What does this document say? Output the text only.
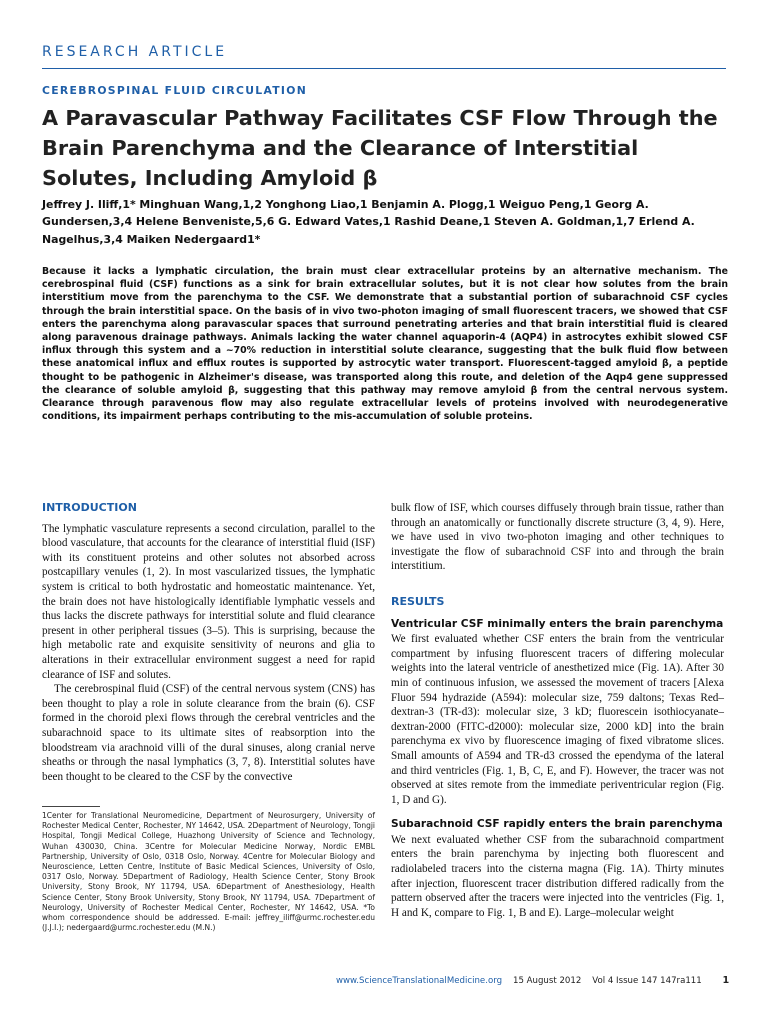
RESEARCH ARTICLE
CEREBROSPINAL FLUID CIRCULATION
A Paravascular Pathway Facilitates CSF Flow Through the Brain Parenchyma and the Clearance of Interstitial Solutes, Including Amyloid β

Jeffrey J. Iliff,1* Minghuan Wang,1,2 Yonghong Liao,1 Benjamin A. Plogg,1 Weiguo Peng,1 Georg A. Gundersen,3,4 Helene Benveniste,5,6 G. Edward Vates,1 Rashid Deane,1 Steven A. Goldman,1,7 Erlend A. Nagelhus,3,4 Maiken Nedergaard1*

Because it lacks a lymphatic circulation, the brain must clear extracellular proteins by an alternative mechanism. The cerebrospinal fluid (CSF) functions as a sink for brain extracellular solutes, but it is not clear how solutes from the brain interstitium move from the parenchyma to the CSF. We demonstrate that a substantial portion of subarachnoid CSF cycles through the brain interstitial space. On the basis of in vivo two-photon imaging of small fluorescent tracers, we showed that CSF enters the parenchyma along paravascular spaces that surround penetrating arteries and that brain interstitial fluid is cleared along paravenous drainage pathways. Animals lacking the water channel aquaporin-4 (AQP4) in astrocytes exhibit slowed CSF influx through this system and a ~70% reduction in interstitial solute clearance, suggesting that the bulk fluid flow between these anatomical influx and efflux routes is supported by astrocytic water transport. Fluorescent-tagged amyloid β, a peptide thought to be pathogenic in Alzheimer's disease, was transported along this route, and deletion of the Aqp4 gene suppressed the clearance of soluble amyloid β, suggesting that this pathway may remove amyloid β from the central nervous system. Clearance through paravenous flow may also regulate extracellular levels of proteins involved with neurodegenerative conditions, its impairment perhaps contributing to the mis-accumulation of soluble proteins.

INTRODUCTION

The lymphatic vasculature represents a second circulation, parallel to the blood vasculature, that accounts for the clearance of interstitial fluid (ISF) with its constituent proteins and other solutes not absorbed across postcapillary venules (1, 2). In most vascularized tissues, the lymphatic system is critical to both hydrostatic and homeostatic maintenance. Yet, the brain does not have histologically identifiable lymphatic vessels and thus lacks the discrete pathways for interstitial solute and fluid clearance present in other peripheral tissues (3–5). This is surprising, because the high metabolic rate and exquisite sensitivity of neurons and glia to alterations in their extracellular environment suggest a need for rapid clearance of ISF and solutes.

The cerebrospinal fluid (CSF) of the central nervous system (CNS) has been thought to play a role in solute clearance from the brain (6). CSF formed in the choroid plexi flows through the cerebral ventricles and the subarachnoid space to its ultimate sites of reabsorption into the bloodstream via arachnoid villi of the dural sinuses, along cranial nerve sheaths or through the nasal lymphatics (3, 7, 8). Interstitial solutes have been thought to be cleared to the CSF by the convective

1Center for Translational Neuromedicine, Department of Neurosurgery, University of Rochester Medical Center, Rochester, NY 14642, USA. 2Department of Neurology, Tongji Hospital, Tongji Medical College, Huazhong University of Science and Technology, Wuhan 430030, China. 3Centre for Molecular Medicine Norway, Nordic EMBL Partnership, University of Oslo, 0318 Oslo, Norway. 4Centre for Molecular Biology and Neuroscience, Letten Centre, Institute of Basic Medical Sciences, University of Oslo, 0317 Oslo, Norway. 5Department of Radiology, Health Science Center, Stony Brook University, Stony Brook, NY 11794, USA. 6Department of Anesthesiology, Health Science Center, Stony Brook University, Stony Brook, NY 11794, USA. 7Department of Neurology, University of Rochester Medical Center, Rochester, NY 14642, USA. *To whom correspondence should be addressed. E-mail: jeffrey_iliff@urmc.rochester.edu (J.J.I.); nedergaard@urmc.rochester.edu (M.N.)

bulk flow of ISF, which courses diffusely through brain tissue, rather than through an anatomically or functionally discrete structure (3, 4, 9). Here, we have used in vivo two-photon imaging and other techniques to investigate the flow of subarachnoid CSF into and through the brain interstitium.

RESULTS
Ventricular CSF minimally enters the brain parenchyma

We first evaluated whether CSF enters the brain from the ventricular compartment by infusing fluorescent tracers of differing molecular weights into the lateral ventricle of anesthetized mice (Fig. 1A). After 30 min of continuous infusion, we assessed the movement of tracers [Alexa Fluor 594 hydrazide (A594): molecular size, 759 daltons; Texas Red–dextran-3 (TR-d3): molecular size, 3 kD; fluorescein isothiocyanate–dextran-2000 (FITC-d2000): molecular size, 2000 kD] into the brain parenchyma ex vivo by fluorescence imaging of fixed vibratome slices. Small amounts of A594 and TR-d3 crossed the ependyma of the lateral and third ventricles (Fig. 1, B, C, E, and F). However, the tracer was not observed at sites remote from the immediate periventricular region (Fig. 1, D and G).

Subarachnoid CSF rapidly enters the brain parenchyma

We next evaluated whether CSF from the subarachnoid compartment enters the brain parenchyma by injecting both fluorescent and radiolabeled tracers into the cisterna magna (Fig. 1A). Thirty minutes after injection, fluorescent tracer distribution differed radically from the pattern observed after the tracers were injected into the ventricles (Fig. 1, H and K, compare to Fig. 1, B and E). Large–molecular weight

www.ScienceTranslationalMedicine.org 15 August 2012 Vol 4 Issue 147 147ra111 1
